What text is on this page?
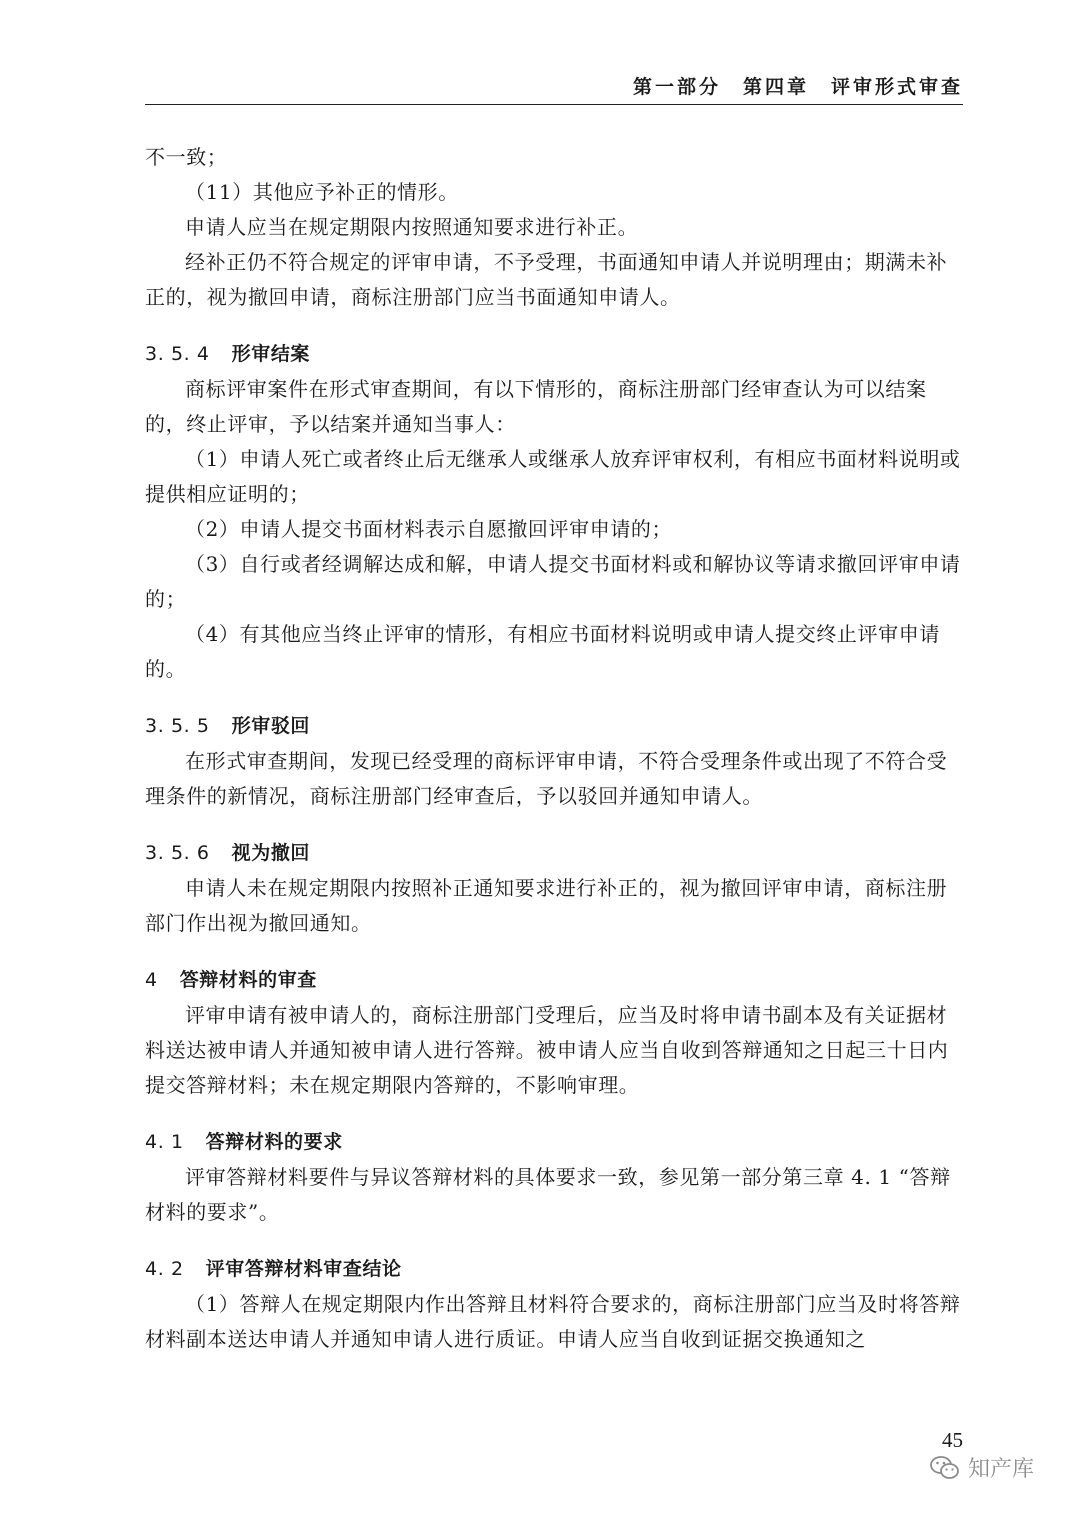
第一部分　第四章　评审形式审查

不一致；

（11）其他应予补正的情形。

申请人应当在规定期限内按照通知要求进行补正。

经补正仍不符合规定的评审申请，不予受理，书面通知申请人并说明理由；期满未补正的，视为撤回申请，商标注册部门应当书面通知申请人。

3. 5. 4 形审结案

商标评审案件在形式审查期间，有以下情形的，商标注册部门经审查认为可以结案的，终止评审，予以结案并通知当事人：

（1）申请人死亡或者终止后无继承人或继承人放弃评审权利，有相应书面材料说明或提供相应证明的；

（2）申请人提交书面材料表示自愿撤回评审申请的；

（3）自行或者经调解达成和解，申请人提交书面材料或和解协议等请求撤回评审申请的；

（4）有其他应当终止评审的情形，有相应书面材料说明或申请人提交终止评审申请的。

3. 5. 5 形审驳回

在形式审查期间，发现已经受理的商标评审申请，不符合受理条件或出现了不符合受理条件的新情况，商标注册部门经审查后，予以驳回并通知申请人。

3. 5. 6 视为撤回

申请人未在规定期限内按照补正通知要求进行补正的，视为撤回评审申请，商标注册部门作出视为撤回通知。

4 答辩材料的审查

评审申请有被申请人的，商标注册部门受理后，应当及时将申请书副本及有关证据材料送达被申请人并通知被申请人进行答辩。被申请人应当自收到答辩通知之日起三十日内提交答辩材料；未在规定期限内答辩的，不影响审理。

4. 1 答辩材料的要求

评审答辩材料要件与异议答辩材料的具体要求一致，参见第一部分第三章 4. 1 “答辩材料的要求”。

4. 2 评审答辩材料审查结论

（1）答辩人在规定期限内作出答辩且材料符合要求的，商标注册部门应当及时将答辩材料副本送达申请人并通知申请人进行质证。申请人应当自收到证据交换通知之

45
知产库
